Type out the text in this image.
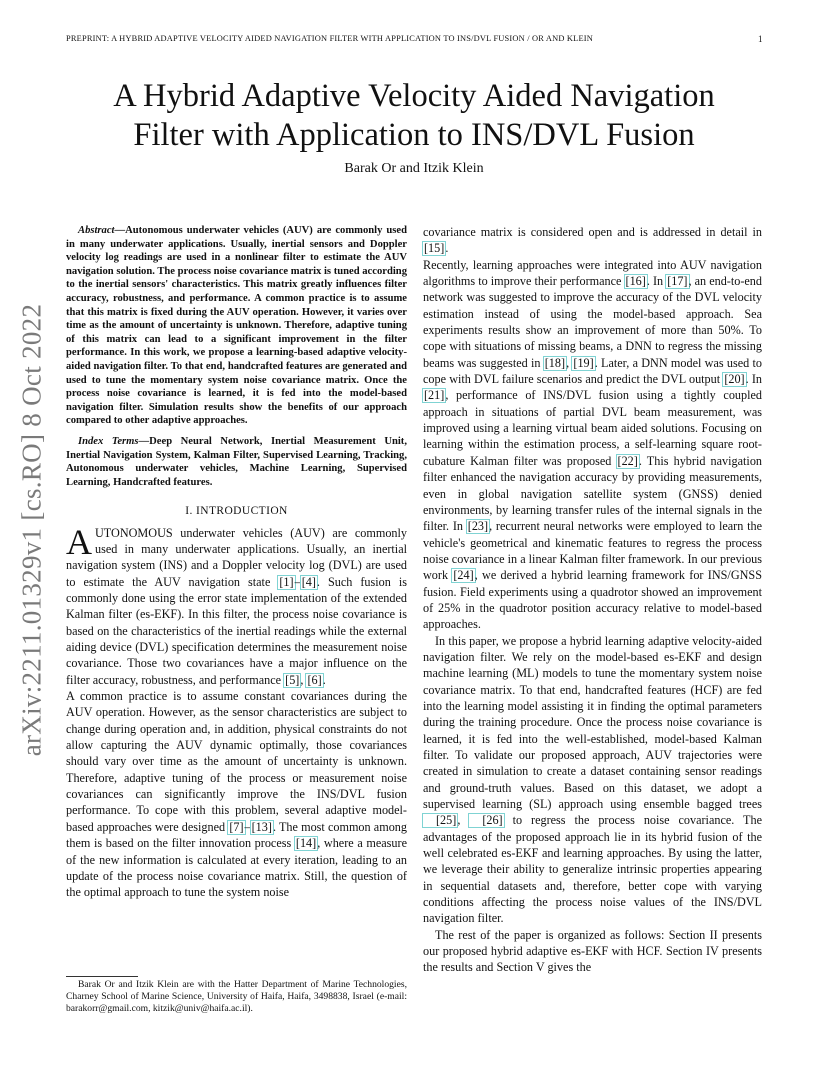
PREPRINT: A HYBRID ADAPTIVE VELOCITY AIDED NAVIGATION FILTER WITH APPLICATION TO INS/DVL FUSION / OR AND KLEIN	1
arXiv:2211.01329v1 [cs.RO] 8 Oct 2022
A Hybrid Adaptive Velocity Aided Navigation
Filter with Application to INS/DVL Fusion
Barak Or and Itzik Klein

Abstract—Autonomous underwater vehicles (AUV) are commonly used in many underwater applications. Usually, inertial sensors and Doppler velocity log readings are used in a nonlinear filter to estimate the AUV navigation solution. The process noise covariance matrix is tuned according to the inertial sensors' characteristics. This matrix greatly influences filter accuracy, robustness, and performance. A common practice is to assume that this matrix is fixed during the AUV operation. However, it varies over time as the amount of uncertainty is unknown. Therefore, adaptive tuning of this matrix can lead to a significant improvement in the filter performance. In this work, we propose a learning-based adaptive velocity-aided navigation filter. To that end, handcrafted features are generated and used to tune the momentary system noise covariance matrix. Once the process noise covariance is learned, it is fed into the model-based navigation filter. Simulation results show the benefits of our approach compared to other adaptive approaches.

Index Terms—Deep Neural Network, Inertial Measurement Unit, Inertial Navigation System, Kalman Filter, Supervised Learning, Tracking, Autonomous underwater vehicles, Machine Learning, Supervised Learning, Handcrafted features.

I. INTRODUCTION

AUTONOMOUS underwater vehicles (AUV) are commonly used in many underwater applications. Usually, an inertial navigation system (INS) and a Doppler velocity log (DVL) are used to estimate the AUV navigation state [1]–[4]. Such fusion is commonly done using the error state implementation of the extended Kalman filter (es-EKF). In this filter, the process noise covariance is based on the characteristics of the inertial readings while the external aiding device (DVL) specification determines the measurement noise covariance. Those two covariances have a major influence on the filter accuracy, robustness, and performance [5], [6].

A common practice is to assume constant covariances during the AUV operation. However, as the sensor characteristics are subject to change during operation and, in addition, physical constraints do not allow capturing the AUV dynamic optimally, those covariances should vary over time as the amount of uncertainty is unknown. Therefore, adaptive tuning of the process or measurement noise covariances can significantly improve the INS/DVL fusion performance. To cope with this problem, several adaptive model-based approaches were designed [7]–[13]. The most common among them is based on the filter innovation process [14], where a measure of the new information is calculated at every iteration, leading to an update of the process noise covariance matrix. Still, the question of the optimal approach to tune the system noise

Barak Or and Itzik Klein are with the Hatter Department of Marine Technologies, Charney School of Marine Science, University of Haifa, Haifa, 3498838, Israel (e-mail: barakorr@gmail.com, kitzik@univ@haifa.ac.il).

covariance matrix is considered open and is addressed in detail in [15].

Recently, learning approaches were integrated into AUV navigation algorithms to improve their performance [16]. In [17], an end-to-end network was suggested to improve the accuracy of the DVL velocity estimation instead of using the model-based approach. Sea experiments results show an improvement of more than 50%. To cope with situations of missing beams, a DNN to regress the missing beams was suggested in [18], [19]. Later, a DNN model was used to cope with DVL failure scenarios and predict the DVL output [20]. In [21], performance of INS/DVL fusion using a tightly coupled approach in situations of partial DVL beam measurement, was improved using a learning virtual beam aided solutions. Focusing on learning within the estimation process, a self-learning square root-cubature Kalman filter was proposed [22]. This hybrid navigation filter enhanced the navigation accuracy by providing measurements, even in global navigation satellite system (GNSS) denied environments, by learning transfer rules of the internal signals in the filter. In [23], recurrent neural networks were employed to learn the vehicle's geometrical and kinematic features to regress the process noise covariance in a linear Kalman filter framework. In our previous work [24], we derived a hybrid learning framework for INS/GNSS fusion. Field experiments using a quadrotor showed an improvement of 25% in the quadrotor position accuracy relative to model-based approaches.

In this paper, we propose a hybrid learning adaptive velocity-aided navigation filter. We rely on the model-based es-EKF and design machine learning (ML) models to tune the momentary system noise covariance matrix. To that end, handcrafted features (HCF) are fed into the learning model assisting it in finding the optimal parameters during the training procedure. Once the process noise covariance is learned, it is fed into the well-established, model-based Kalman filter. To validate our proposed approach, AUV trajectories were created in simulation to create a dataset containing sensor readings and ground-truth values. Based on this dataset, we adopt a supervised learning (SL) approach using ensemble bagged trees [25], [26] to regress the process noise covariance. The advantages of the proposed approach lie in its hybrid fusion of the well celebrated es-EKF and learning approaches. By using the latter, we leverage their ability to generalize intrinsic properties appearing in sequential datasets and, therefore, better cope with varying conditions affecting the process noise values of the INS/DVL navigation filter.

The rest of the paper is organized as follows: Section II presents our proposed hybrid adaptive es-EKF with HCF. Section IV presents the results and Section V gives the
